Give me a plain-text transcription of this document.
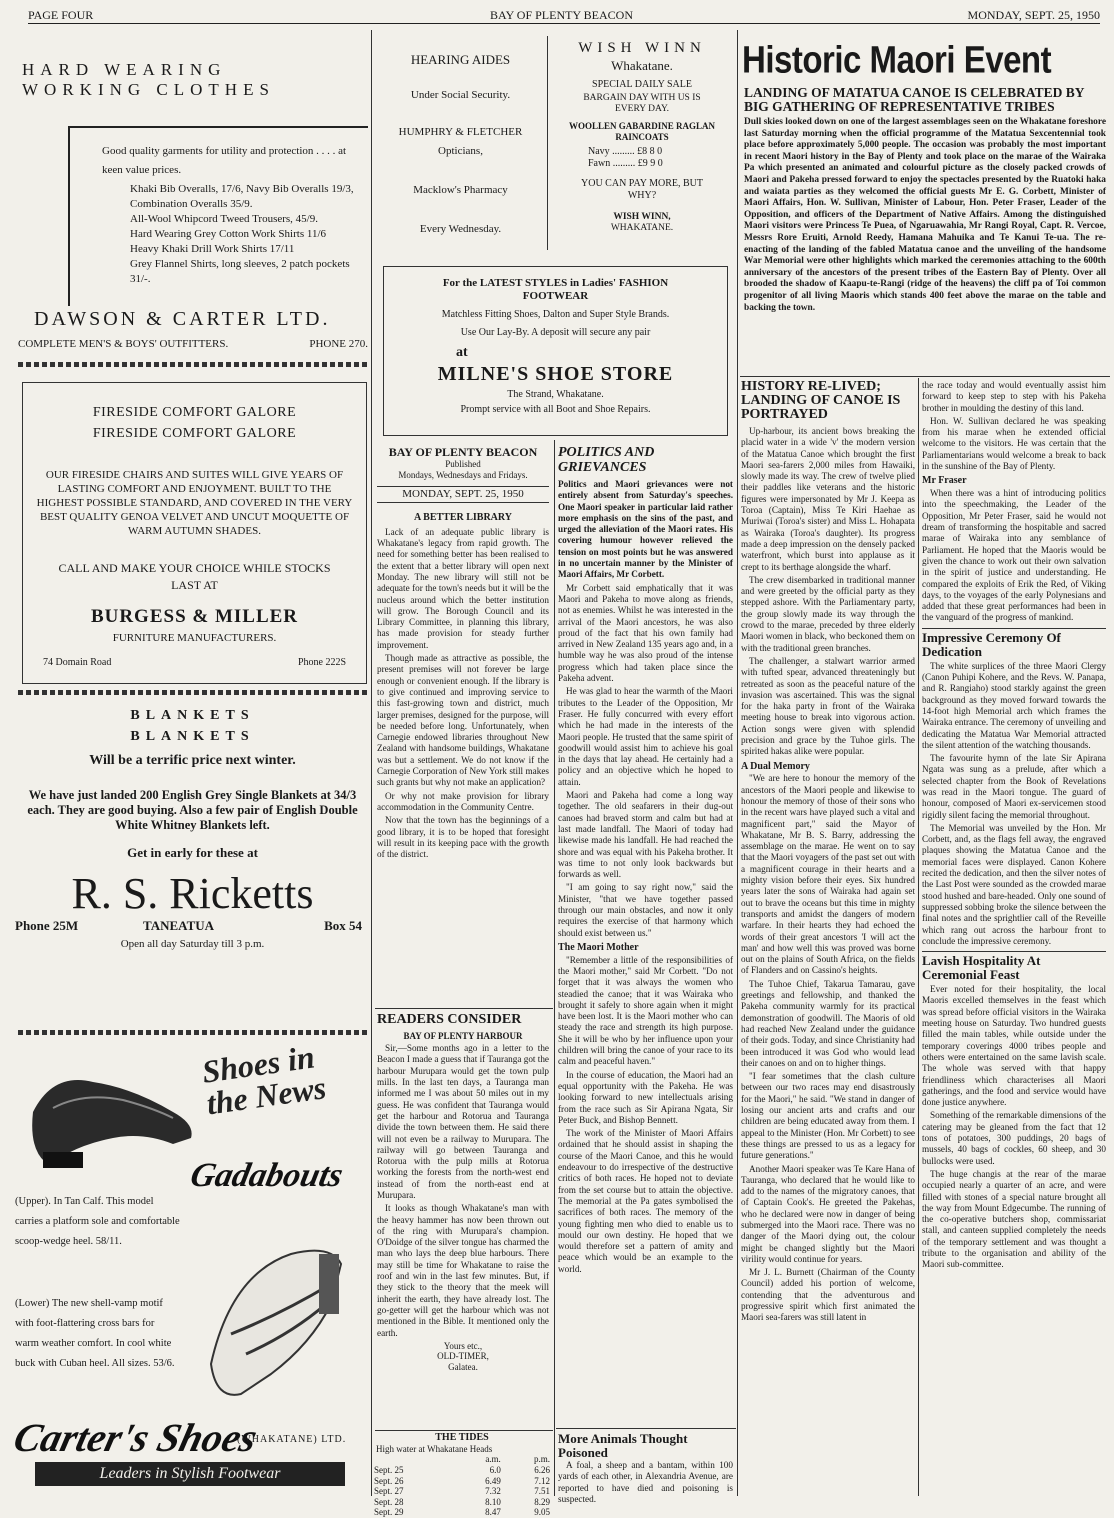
PAGE FOUR	BAY OF PLENTY BEACON	MONDAY, SEPT. 25, 1950
HARD WEARING
WORKING CLOTHES
Good quality garments for utility and protection . . . . at keen value prices.
Khaki Bib Overalls, 17/6, Navy Bib Overalls 19/3, Combination Overalls 35/9.
All-Wool Whipcord Tweed Trousers, 45/9.
Hard Wearing Grey Cotton Work Shirts 11/6
Heavy Khaki Drill Work Shirts 17/11
Grey Flannel Shirts, long sleeves, 2 patch pockets 31/-.
DAWSON & CARTER LTD.
COMPLETE MEN'S & BOYS' OUTFITTERS.	PHONE 270.
FIRESIDE COMFORT GALORE
FIRESIDE COMFORT GALORE
OUR FIRESIDE CHAIRS AND SUITES WILL GIVE YEARS OF LASTING COMFORT AND ENJOYMENT. BUILT TO THE HIGHEST POSSIBLE STANDARD, AND COVERED IN THE VERY BEST QUALITY GENOA VELVET AND UNCUT MOQUETTE OF WARM AUTUMN SHADES.
CALL AND MAKE YOUR CHOICE WHILE STOCKS LAST AT
BURGESS & MILLER
FURNITURE MANUFACTURERS.
74 Domain Road	Phone 222S
BLANKETS
BLANKETS
Will be a terrific price next winter.
We have just landed 200 English Grey Single Blankets at 34/3 each. They are good buying. Also a few pair of English Double White Whitney Blankets left.
Get in early for these at
R. S. Ricketts
Phone 25M	TANEATUA	Box 54
Open all day Saturday till 3 p.m.
Shoes in the News
Gadabouts
(Upper). In Tan Calf. This model carries a platform sole and comfortable scoop-wedge heel. 58/11.
(Lower) The new shell-vamp motif with foot-flattering cross bars for warm weather comfort. In cool white buck with Cuban heel. All sizes. 53/6.
Carter's Shoes
(WHAKATANE) LTD.
Leaders in Stylish Footwear
HEARING AIDES
Under Social Security.
HUMPHRY & FLETCHER
Opticians,
Macklow's Pharmacy
Every Wednesday.
WISH WINN
Whakatane.
SPECIAL DAILY SALE
BARGAIN DAY WITH US IS EVERY DAY.
WOOLLEN GABARDINE RAGLAN RAINCOATS
Navy ......... £8 8 0
Fawn ......... £9 9 0
YOU CAN PAY MORE, BUT WHY?
WISH WINN,
WHAKATANE.
For the LATEST STYLES in Ladies' FASHION FOOTWEAR
Matchless Fitting Shoes, Dalton and Super Style Brands.
Use Our Lay-By. A deposit will secure any pair
at
MILNE'S SHOE STORE
The Strand, Whakatane.
Prompt service with all Boot and Shoe Repairs.
BAY OF PLENTY BEACON
Published
Mondays, Wednesdays and Fridays.
MONDAY, SEPT. 25, 1950
A BETTER LIBRARY

Lack of an adequate public library is Whakatane's legacy from rapid growth. The need for something better has been realised to the extent that a better library will open next Monday. The new library will still not be adequate for the town's needs but it will be the nucleus around which the better institution will grow. The Borough Council and its Library Committee, in planning this library, has made provision for steady further improvement.

Though made as attractive as possible, the present premises will not forever be large enough or convenient enough. If the library is to give continued and improving service to this fast-growing town and district, much larger premises, designed for the purpose, will be needed before long. Unfortunately, when Carnegie endowed libraries throughout New Zealand with handsome buildings, Whakatane was but a settlement. We do not know if the Carnegie Corporation of New York still makes such grants but why not make an application?

Or why not make provision for library accommodation in the Community Centre.

Now that the town has the beginnings of a good library, it is to be hoped that foresight will result in its keeping pace with the growth of the district.

READERS CONSIDER
BAY OF PLENTY HARBOUR

Sir,—Some months ago in a letter to the Beacon I made a guess that if Tauranga got the harbour Murupara would get the town pulp mills. In the last ten days, a Tauranga man informed me I was about 50 miles out in my guess. He was confident that Tauranga would get the harbour and Rotorua and Tauranga divide the town between them. He said there will not even be a railway to Murupara. The railway will go between Tauranga and Rotorua with the pulp mills at Rotorua working the forests from the north-west end instead of from the north-east end at Murupara.

It looks as though Whakatane's man with the heavy hammer has now been thrown out of the ring with Murupara's champion. O'Doidge of the silver tongue has charmed the man who lays the deep blue harbours. There may still be time for Whakatane to raise the roof and win in the last few minutes. But, if they stick to the theory that the meek will inherit the earth, they have already lost. The go-getter will get the harbour which was not mentioned in the Bible. It mentioned only the earth.

Yours etc.,
OLD-TIMER,
Galatea.
THE TIDES
High water at Whakatane Heads
	a.m.	p.m.
Sept. 25	6.0	6.26
Sept. 26	6.49	7.12
Sept. 27	7.32	7.51
Sept. 28	8.10	8.29
Sept. 29	8.47	9.05
POLITICS AND GRIEVANCES

Politics and Maori grievances were not entirely absent from Saturday's speeches. One Maori speaker in particular laid rather more emphasis on the sins of the past, and urged the alleviation of the Maori rates. His covering humour however relieved the tension on most points but he was answered in no uncertain manner by the Minister of Maori Affairs, Mr Corbett.

Mr Corbett said emphatically that it was Maori and Pakeha to move along as friends, not as enemies. Whilst he was interested in the arrival of the Maori ancestors, he was also proud of the fact that his own family had arrived in New Zealand 135 years ago and, in a humble way he was also proud of the intense progress which had taken place since the Pakeha advent.

He was glad to hear the warmth of the Maori tributes to the Leader of the Opposition, Mr Fraser. He fully concurred with every effort which he had made in the interests of the Maori people. He trusted that the same spirit of goodwill would assist him to achieve his goal in the days that lay ahead. He certainly had a policy and an objective which he hoped to attain.

Maori and Pakeha had come a long way together. The old seafarers in their dug-out canoes had braved storm and calm but had at last made landfall. The Maori of today had likewise made his landfall. He had reached the shore and was equal with his Pakeha brother. It was time to not only look backwards but forwards as well.

"I am going to say right now," said the Minister, "that we have together passed through our main obstacles, and now it only requires the exercise of that harmony which should exist between us."

The Maori Mother

"Remember a little of the responsibilities of the Maori mother," said Mr Corbett. "Do not forget that it was always the women who steadied the canoe; that it was Wairaka who brought it safely to shore again when it might have been lost. It is the Maori mother who can steady the race and strength its high purpose. She it will be who by her influence upon your children will bring the canoe of your race to its calm and peaceful haven."

In the course of education, the Maori had an equal opportunity with the Pakeha. He was looking forward to new intellectuals arising from the race such as Sir Apirana Ngata, Sir Peter Buck, and Bishop Bennett.

The work of the Minister of Maori Affairs ordained that he should assist in shaping the course of the Maori Canoe, and this he would endeavour to do irrespective of the destructive critics of both races. He hoped not to deviate from the set course but to attain the objective. The memorial at the Pa gates symbolised the sacrifices of both races. The memory of the young fighting men who died to enable us to mould our own destiny. He hoped that we would therefore set a pattern of amity and peace which would be an example to the world.

More Animals Thought Poisoned

A foal, a sheep and a bantam, within 100 yards of each other, in Alexandria Avenue, are reported to have died and poisoning is suspected.

Historic Maori Event
LANDING OF MATATUA CANOE IS CELEBRATED BY BIG GATHERING OF REPRESENTATIVE TRIBES

Dull skies looked down on one of the largest assemblages seen on the Whakatane foreshore last Saturday morning when the official programme of the Matatua Sexcentennial took place before approximately 5,000 people. The occasion was probably the most important in recent Maori history in the Bay of Plenty and took place on the marae of the Wairaka Pa which presented an animated and colourful picture as the closely packed crowds of Maori and Pakeha pressed forward to enjoy the spectacles presented by the Ruatoki haka and waiata parties as they welcomed the official guests Mr E. G. Corbett, Minister of Maori Affairs, Hon. W. Sullivan, Minister of Labour, Hon. Peter Fraser, Leader of the Opposition, and officers of the Department of Native Affairs. Among the distinguished Maori visitors were Princess Te Puea, of Ngaruawahia, Mr Rangi Royal, Capt. R. Vercoe, Messrs Rore Eruiti, Arnold Reedy, Hamana Mahuika and Te Kanui Te-ua. The re-enacting of the landing of the fabled Matatua canoe and the unveiling of the handsome War Memorial were other highlights which marked the ceremonies attaching to the 600th anniversary of the ancestors of the present tribes of the Eastern Bay of Plenty. Over all brooded the shadow of Kaapu-te-Rangi (ridge of the heavens) the cliff pa of Toi common progenitor of all living Maoris which stands 400 feet above the marae on the table and backing the town.

HISTORY RE-LIVED; LANDING OF CANOE IS PORTRAYED

Up-harbour, its ancient bows breaking the placid water in a wide 'v' the modern version of the Matatua Canoe which brought the first Maori sea-farers 2,000 miles from Hawaiki, slowly made its way. The crew of twelve plied their paddles like veterans and the historic figures were impersonated by Mr J. Keepa as Toroa (Captain), Miss Te Kiri Haehae as Muriwai (Toroa's sister) and Miss L. Hohapata as Wairaka (Toroa's daughter). Its progress made a deep impression on the densely packed waterfront, which burst into applause as it crept to its berthage alongside the wharf.

The crew disembarked in traditional manner and were greeted by the official party as they stepped ashore. With the Parliamentary party, the group slowly made its way through the crowd to the marae, preceded by three elderly Maori women in black, who beckoned them on with the traditional green branches.

The challenger, a stalwart warrior armed with tufted spear, advanced threateningly but retreated as soon as the peaceful nature of the invasion was ascertained. This was the signal for the haka party in front of the Wairaka meeting house to break into vigorous action. Action songs were given with splendid precision and grace by the Tuhoe girls. The spirited hakas alike were popular.

A Dual Memory

"We are here to honour the memory of the ancestors of the Maori people and likewise to honour the memory of those of their sons who in the recent wars have played such a vital and magnificent part," said the Mayor of Whakatane, Mr B. S. Barry, addressing the assemblage on the marae. He went on to say that the Maori voyagers of the past set out with a magnificent courage in their hearts and a mighty vision before their eyes. Six hundred years later the sons of Wairaka had again set out to brave the oceans but this time in mighty transports and amidst the dangers of modern warfare. In their hearts they had echoed the words of their great ancestors 'I will act the man' and how well this was proved was borne out on the plains of South Africa, on the fields of Flanders and on Cassino's heights.

The Tuhoe Chief, Takarua Tamarau, gave greetings and fellowship, and thanked the Pakeha community warmly for its practical demonstration of goodwill. The Maoris of old had reached New Zealand under the guidance of their gods. Today, and since Christianity had been introduced it was God who would lead their canoes on and on to higher things.

"I fear sometimes that the clash culture between our two races may end disastrously for the Maori," he said. "We stand in danger of losing our ancient arts and crafts and our children are being educated away from them. I appeal to the Minister (Hon. Mr Corbett) to see these things are pressed to us as a legacy for future generations."

Another Maori speaker was Te Kare Hana of Tauranga, who declared that he would like to add to the names of the migratory canoes, that of Captain Cook's. He greeted the Pakehas, who he declared were now in danger of being submerged into the Maori race. There was no danger of the Maori dying out, the colour might be changed slightly but the Maori virility would continue for years.

Mr J. L. Burnett (Chairman of the County Council) added his portion of welcome, contending that the adventurous and progressive spirit which first animated the Maori sea-farers was still latent in

the race today and would eventually assist him forward to keep step to step with his Pakeha brother in moulding the destiny of this land.

Hon. W. Sullivan declared he was speaking from his marae when he extended official welcome to the visitors. He was certain that the Parliamentarians would welcome a break to back in the sunshine of the Bay of Plenty.

Mr Fraser

When there was a hint of introducing politics into the speechmaking, the Leader of the Opposition, Mr Peter Fraser, said he would not dream of transforming the hospitable and sacred marae of Wairaka into any semblance of Parliament. He hoped that the Maoris would be given the chance to work out their own salvation in the spirit of justice and understanding. He compared the exploits of Erik the Red, of Viking days, to the voyages of the early Polynesians and added that these great performances had been in the vanguard of the progress of mankind.

Impressive Ceremony Of Dedication

The white surplices of the three Maori Clergy (Canon Puhipi Kohere, and the Revs. W. Panapa, and R. Rangiaho) stood starkly against the green background as they moved forward towards the 14-foot high Memorial arch which frames the Wairaka entrance. The ceremony of unveiling and dedicating the Matatua War Memorial attracted the silent attention of the watching thousands.

The favourite hymn of the late Sir Apirana Ngata was sung as a prelude, after which a selected chapter from the Book of Revelations was read in the Maori tongue. The guard of honour, composed of Maori ex-servicemen stood rigidly silent facing the memorial throughout.

The Memorial was unveiled by the Hon. Mr Corbett, and, as the flags fell away, the engraved plaques showing the Matatua Canoe and the memorial faces were displayed. Canon Kohere recited the dedication, and then the silver notes of the Last Post were sounded as the crowded marae stood hushed and bare-headed. Only one sound of suppressed sobbing broke the silence between the final notes and the sprightlier call of the Reveille which rang out across the harbour front to conclude the impressive ceremony.

Lavish Hospitality At Ceremonial Feast

Ever noted for their hospitality, the local Maoris excelled themselves in the feast which was spread before official visitors in the Wairaka meeting house on Saturday. Two hundred guests filled the main tables, while outside under the temporary coverings 4000 tribes people and others were entertained on the same lavish scale. The whole was served with that happy friendliness which characterises all Maori gatherings, and the food and service would have done justice anywhere.

Something of the remarkable dimensions of the catering may be gleaned from the fact that 12 tons of potatoes, 300 puddings, 20 bags of mussels, 40 bags of cockles, 60 sheep, and 30 bullocks were used.

The huge changis at the rear of the marae occupied nearly a quarter of an acre, and were filled with stones of a special nature brought all the way from Mount Edgecumbe. The running of the co-operative butchers shop, commissariat stall, and canteen supplied completely the needs of the temporary settlement and was thought a tribute to the organisation and ability of the Maori sub-committee.
